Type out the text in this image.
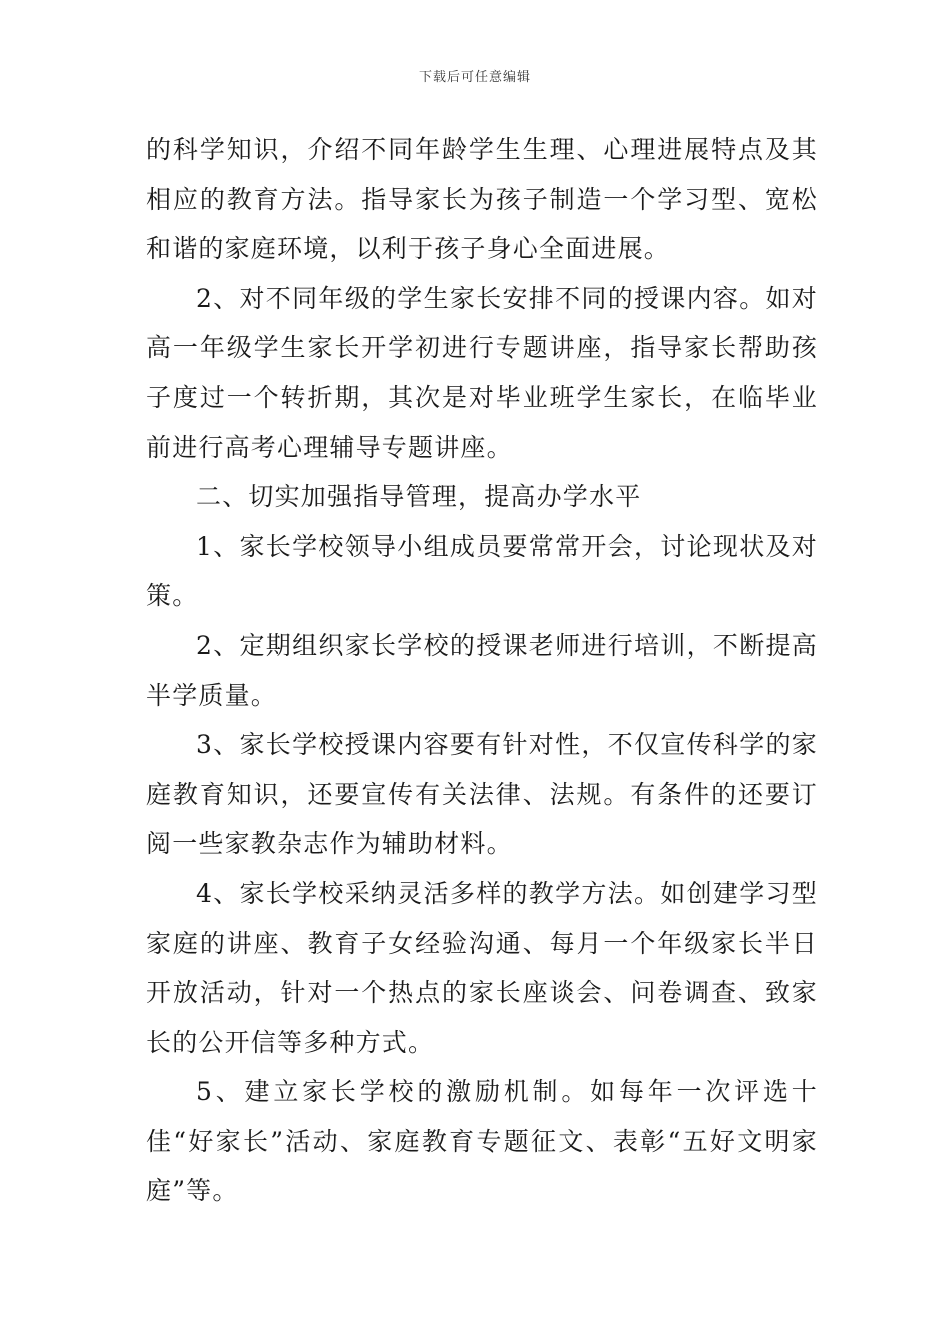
下载后可任意编辑

的科学知识，介绍不同年龄学生生理、心理进展特点及其相应的教育方法。指导家长为孩子制造一个学习型、宽松和谐的家庭环境，以利于孩子身心全面进展。

2、对不同年级的学生家长安排不同的授课内容。如对高一年级学生家长开学初进行专题讲座，指导家长帮助孩子度过一个转折期，其次是对毕业班学生家长，在临毕业前进行高考心理辅导专题讲座。

二、切实加强指导管理，提高办学水平

1、家长学校领导小组成员要常常开会，讨论现状及对策。

2、定期组织家长学校的授课老师进行培训，不断提高半学质量。

3、家长学校授课内容要有针对性，不仅宣传科学的家庭教育知识，还要宣传有关法律、法规。有条件的还要订阅一些家教杂志作为辅助材料。

4、家长学校采纳灵活多样的教学方法。如创建学习型家庭的讲座、教育子女经验沟通、每月一个年级家长半日开放活动，针对一个热点的家长座谈会、问卷调查、致家长的公开信等多种方式。

5、建立家长学校的激励机制。如每年一次评选十佳“好家长”活动、家庭教育专题征文、表彰“五好文明家庭”等。
